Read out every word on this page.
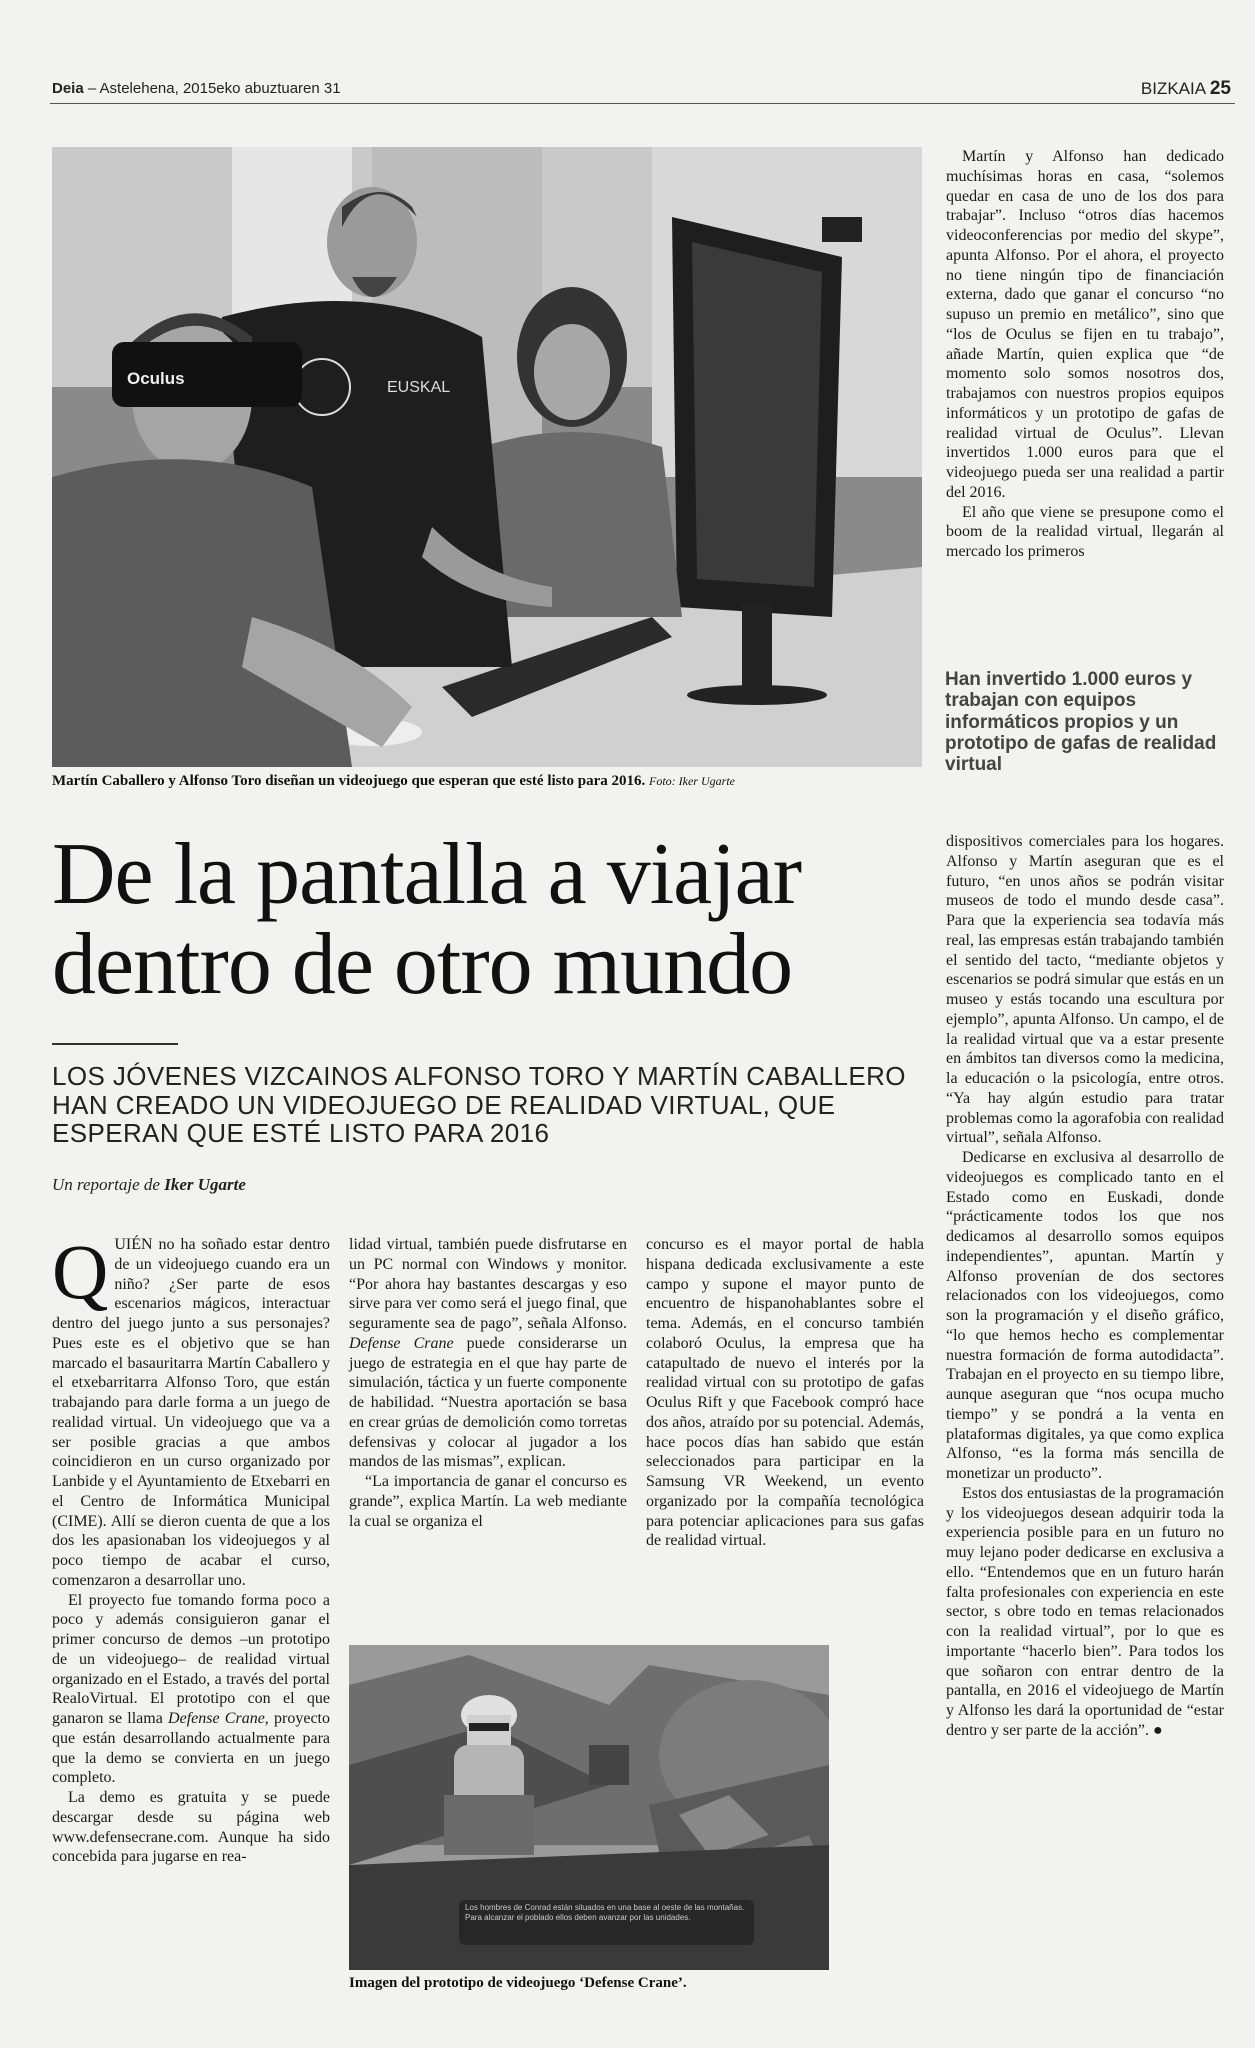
Deia – Astelehena, 2015eko abuztuaren 31	BIZKAIA 25
EUSKAL
Oculus
Martín Caballero y Alfonso Toro diseñan un videojuego que esperan que esté listo para 2016. Foto: Iker Ugarte
De la pantalla a viajar
dentro de otro mundo
LOS JÓVENES VIZCAINOS ALFONSO TORO Y MARTÍN CABALLERO
HAN CREADO UN VIDEOJUEGO DE REALIDAD VIRTUAL, QUE
ESPERAN QUE ESTÉ LISTO PARA 2016
Un reportaje de Iker Ugarte

Martín y Alfonso han dedicado muchísimas horas en casa, “solemos quedar en casa de uno de los dos para trabajar”. Incluso “otros días hacemos videoconferencias por medio del skype”, apunta Alfonso. Por el ahora, el proyecto no tiene ningún tipo de financiación externa, dado que ganar el concurso “no supuso un premio en metálico”, sino que “los de Oculus se fijen en tu trabajo”, añade Martín, quien explica que “de momento solo somos nosotros dos, trabajamos con nuestros propios equipos informáticos y un prototipo de gafas de realidad virtual de Oculus”. Llevan invertidos 1.000 euros para que el videojuego pueda ser una realidad a partir del 2016.

El año que viene se presupone como el boom de la realidad virtual, llegarán al mercado los primeros

Han invertido 1.000 euros y trabajan con equipos informáticos propios y un prototipo de gafas de realidad virtual

dispositivos comerciales para los hogares. Alfonso y Martín aseguran que es el futuro, “en unos años se podrán visitar museos de todo el mundo desde casa”. Para que la experiencia sea todavía más real, las empresas están trabajando también el sentido del tacto, “mediante objetos y escenarios se podrá simular que estás en un museo y estás tocando una escultura por ejemplo”, apunta Alfonso. Un campo, el de la realidad virtual que va a estar presente en ámbitos tan diversos como la medicina, la educación o la psicología, entre otros. “Ya hay algún estudio para tratar problemas como la agorafobia con realidad virtual”, señala Alfonso.

Dedicarse en exclusiva al desarrollo de videojuegos es complicado tanto en el Estado como en Euskadi, donde “prácticamente todos los que nos dedicamos al desarrollo somos equipos independientes”, apuntan. Martín y Alfonso provenían de dos sectores relacionados con los videojuegos, como son la programación y el diseño gráfico, “lo que hemos hecho es complementar nuestra formación de forma autodidacta”. Trabajan en el proyecto en su tiempo libre, aunque aseguran que “nos ocupa mucho tiempo” y se pondrá a la venta en plataformas digitales, ya que como explica Alfonso, “es la forma más sencilla de monetizar un producto”.

Estos dos entusiastas de la programación y los videojuegos desean adquirir toda la experiencia posible para en un futuro no muy lejano poder dedicarse en exclusiva a ello. “Entendemos que en un futuro harán falta profesionales con experiencia en este sector, s obre todo en temas relacionados con la realidad virtual”, por lo que es importante “hacerlo bien”. Para todos los que soñaron con entrar dentro de la pantalla, en 2016 el videojuego de Martín y Alfonso les dará la oportunidad de “estar dentro y ser parte de la acción”. ●

QUIÉN no ha soñado estar dentro de un videojuego cuando era un niño? ¿Ser parte de esos escenarios mágicos, interactuar dentro del juego junto a sus personajes? Pues este es el objetivo que se han marcado el basauritarra Martín Caballero y el etxebarritarra Alfonso Toro, que están trabajando para darle forma a un juego de realidad virtual. Un videojuego que va a ser posible gracias a que ambos coincidieron en un curso organizado por Lanbide y el Ayuntamiento de Etxebarri en el Centro de Informática Municipal (CIME). Allí se dieron cuenta de que a los dos les apasionaban los videojuegos y al poco tiempo de acabar el curso, comenzaron a desarrollar uno.

El proyecto fue tomando forma poco a poco y además consiguieron ganar el primer concurso de demos –un prototipo de un videojuego– de realidad virtual organizado en el Estado, a través del portal RealoVirtual. El prototipo con el que ganaron se llama Defense Crane, proyecto que están desarrollando actualmente para que la demo se convierta en un juego completo.

La demo es gratuita y se puede descargar desde su página web www.defensecrane.com. Aunque ha sido concebida para jugarse en rea-

lidad virtual, también puede disfrutarse en un PC normal con Windows y monitor. “Por ahora hay bastantes descargas y eso sirve para ver como será el juego final, que seguramente sea de pago”, señala Alfonso. Defense Crane puede considerarse un juego de estrategia en el que hay parte de simulación, táctica y un fuerte componente de habilidad. “Nuestra aportación se basa en crear grúas de demolición como torretas defensivas y colocar al jugador a los mandos de las mismas”, explican.

“La importancia de ganar el concurso es grande”, explica Martín. La web mediante la cual se organiza el

concurso es el mayor portal de habla hispana dedicada exclusivamente a este campo y supone el mayor punto de encuentro de hispanohablantes sobre el tema. Además, en el concurso también colaboró Oculus, la empresa que ha catapultado de nuevo el interés por la realidad virtual con su prototipo de gafas Oculus Rift y que Facebook compró hace dos años, atraído por su potencial. Además, hace pocos días han sabido que están seleccionados para participar en la Samsung VR Weekend, un evento organizado por la compañía tecnológica para potenciar aplicaciones para sus gafas de realidad virtual.

Los hombres de Conrad están situados en una base al oeste de las montañas. Para alcanzar el poblado ellos deben avanzar por las unidades.
Imagen del prototipo de videojuego ‘Defense Crane’.
